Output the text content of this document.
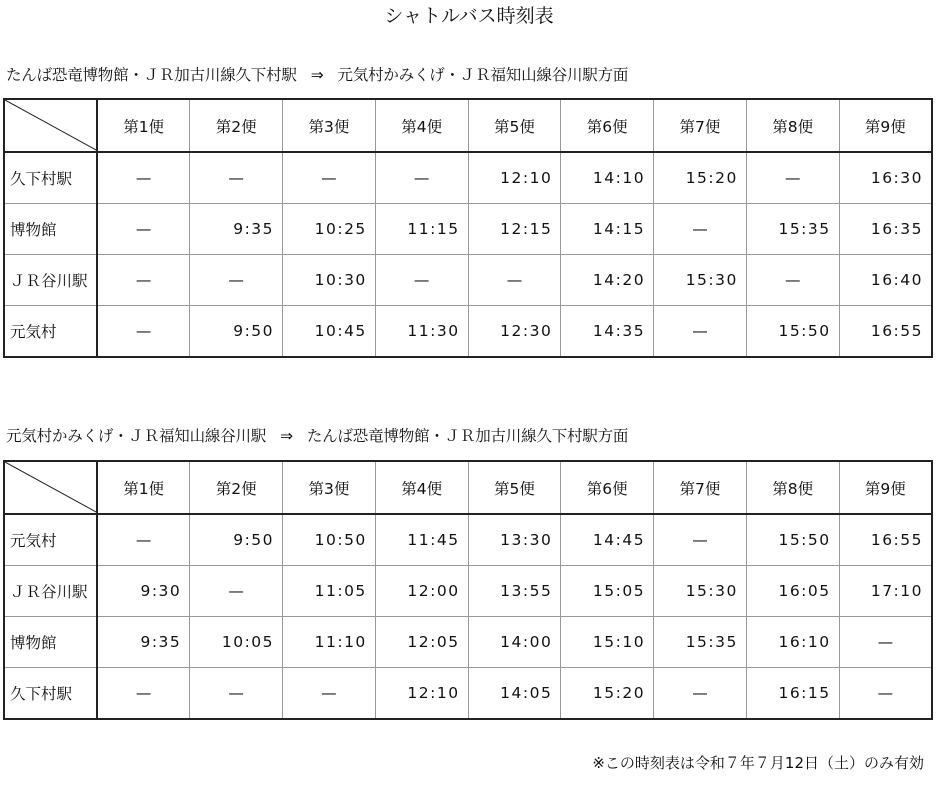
シャトルバス時刻表
たんば恐竜博物館・ＪＲ加古川線久下村駅 ⇒ 元気村かみくげ・ＪＲ福知山線谷川駅方面
	第1便	第2便	第3便	第4便	第5便	第6便	第7便	第8便	第9便
久下村駅	—	—	—	—	12:10	14:10	15:20	—	16:30
博物館	—	9:35	10:25	11:15	12:15	14:15	—	15:35	16:35
ＪＲ谷川駅	—	—	10:30	—	—	14:20	15:30	—	16:40
元気村	—	9:50	10:45	11:30	12:30	14:35	—	15:50	16:55
元気村かみくげ・ＪＲ福知山線谷川駅 ⇒ たんば恐竜博物館・ＪＲ加古川線久下村駅方面
	第1便	第2便	第3便	第4便	第5便	第6便	第7便	第8便	第9便
元気村	—	9:50	10:50	11:45	13:30	14:45	—	15:50	16:55
ＪＲ谷川駅	9:30	—	11:05	12:00	13:55	15:05	15:30	16:05	17:10
博物館	9:35	10:05	11:10	12:05	14:00	15:10	15:35	16:10	—
久下村駅	—	—	—	12:10	14:05	15:20	—	16:15	—
※この時刻表は令和７年７月12日（土）のみ有効
